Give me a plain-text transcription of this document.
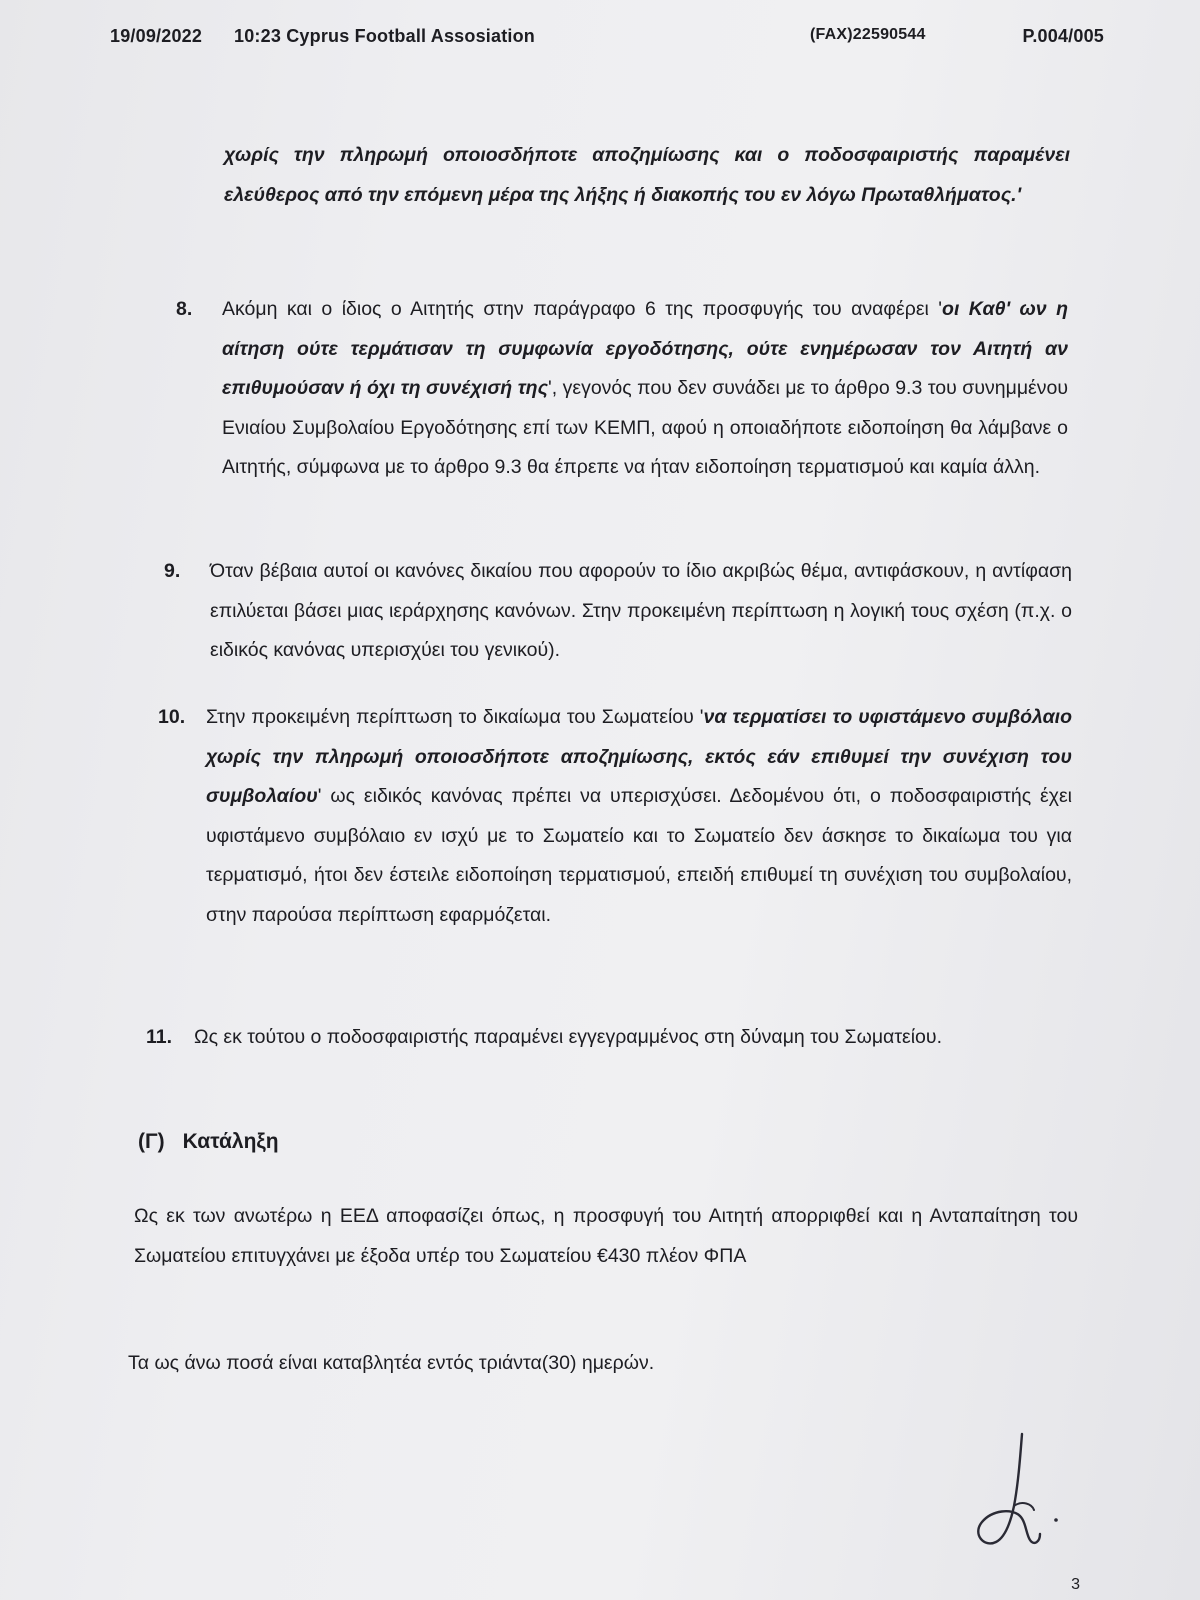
19/09/2022 10:23 Cyprus Football Assosiation	(FAX)22590544	P.004/005
χωρίς την πληρωμή οποιοσδήποτε αποζημίωσης και ο ποδοσφαιριστής παραμένει ελεύθερος από την επόμενη μέρα της λήξης ή διακοπής του εν λόγω Πρωταθλήματος.'
8. Ακόμη και ο ίδιος ο Αιτητής στην παράγραφο 6 της προσφυγής του αναφέρει 'οι Καθ' ων η αίτηση ούτε τερμάτισαν τη συμφωνία εργοδότησης, ούτε ενημέρωσαν τον Αιτητή αν επιθυμούσαν ή όχι τη συνέχισή της', γεγονός που δεν συνάδει με το άρθρο 9.3 του συνημμένου Ενιαίου Συμβολαίου Εργοδότησης επί των ΚΕΜΠ, αφού η οποιαδήποτε ειδοποίηση θα λάμβανε ο Αιτητής, σύμφωνα με το άρθρο 9.3 θα έπρεπε να ήταν ειδοποίηση τερματισμού και καμία άλλη.
9. Όταν βέβαια αυτοί οι κανόνες δικαίου που αφορούν το ίδιο ακριβώς θέμα, αντιφάσκουν, η αντίφαση επιλύεται βάσει μιας ιεράρχησης κανόνων. Στην προκειμένη περίπτωση η λογική τους σχέση (π.χ. ο ειδικός κανόνας υπερισχύει του γενικού).
10. Στην προκειμένη περίπτωση το δικαίωμα του Σωματείου 'να τερματίσει το υφιστάμενο συμβόλαιο χωρίς την πληρωμή οποιοσδήποτε αποζημίωσης, εκτός εάν επιθυμεί την συνέχιση του συμβολαίου' ως ειδικός κανόνας πρέπει να υπερισχύσει. Δεδομένου ότι, ο ποδοσφαιριστής έχει υφιστάμενο συμβόλαιο εν ισχύ με το Σωματείο και το Σωματείο δεν άσκησε το δικαίωμα του για τερματισμό, ήτοι δεν έστειλε ειδοποίηση τερματισμού, επειδή επιθυμεί τη συνέχιση του συμβολαίου, στην παρούσα περίπτωση εφαρμόζεται.
11. Ως εκ τούτου ο ποδοσφαιριστής παραμένει εγγεγραμμένος στη δύναμη του Σωματείου.
(Γ) Κατάληξη
Ως εκ των ανωτέρω η ΕΕΔ αποφασίζει όπως, η προσφυγή του Αιτητή απορριφθεί και η Ανταπαίτηση του Σωματείου επιτυγχάνει με έξοδα υπέρ του Σωματείου €430 πλέον ΦΠΑ
Τα ως άνω ποσά είναι καταβλητέα εντός τριάντα(30) ημερών.
3
